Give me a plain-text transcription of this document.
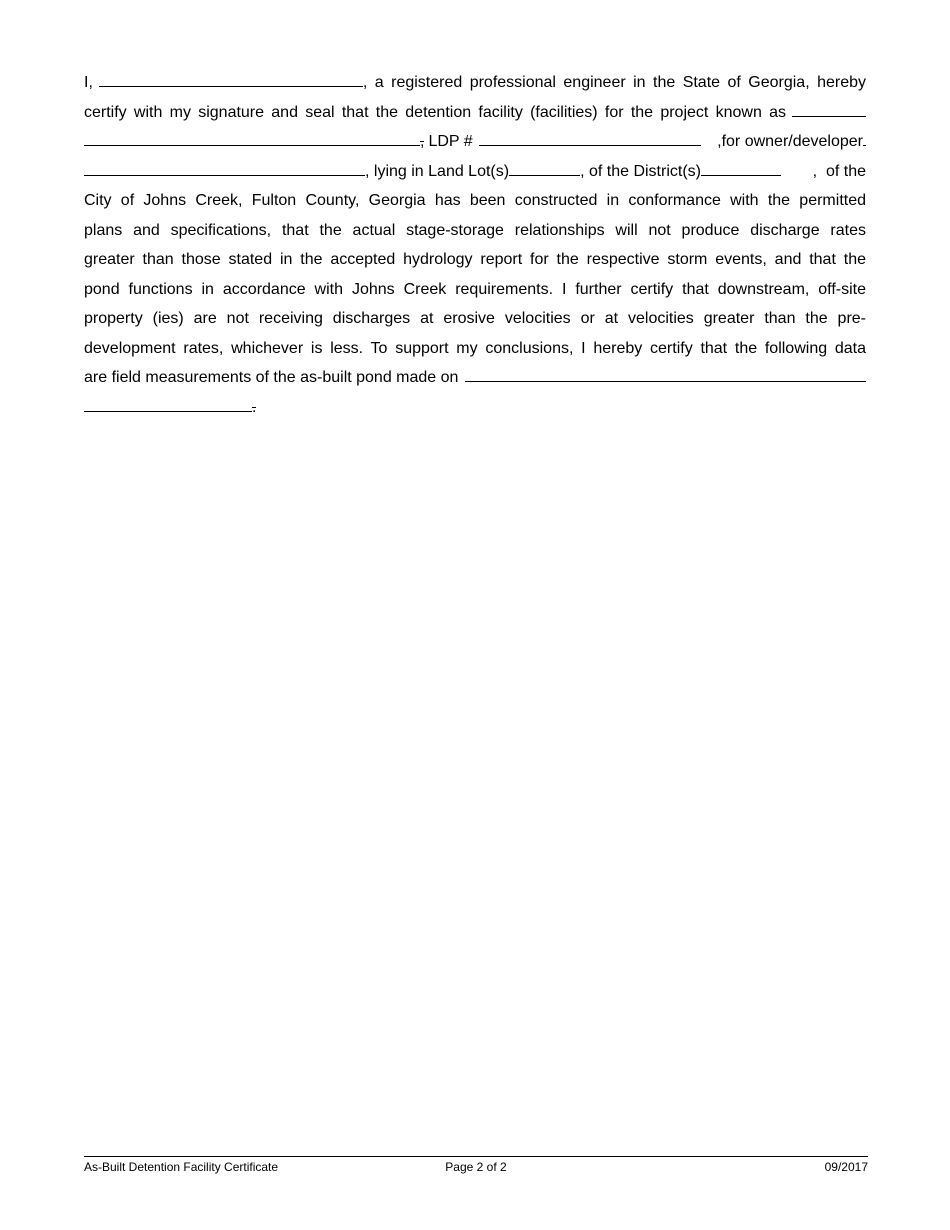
I,	, a registered professional engineer in the State of Georgia, hereby
certify with my signature and seal that the detention facility (facilities) for the project known as
, LDP #	,for owner/developer
, lying in Land Lot(s)	, of the District(s)	,  of the
City of Johns Creek, Fulton County, Georgia has been constructed in conformance with the permitted
plans and specifications, that the actual stage-storage relationships will not produce discharge rates
greater than those stated in the accepted hydrology report for the respective storm events, and that the
pond functions in accordance with Johns Creek requirements. I further certify that downstream, off-site
property (ies) are not receiving discharges at erosive velocities or at velocities greater than the pre-
development rates, whichever is less. To support my conclusions, I hereby certify that the following data
are field measurements of the as-built pond made on
.
As-Built Detention Facility Certificate	Page 2 of 2	09/2017
